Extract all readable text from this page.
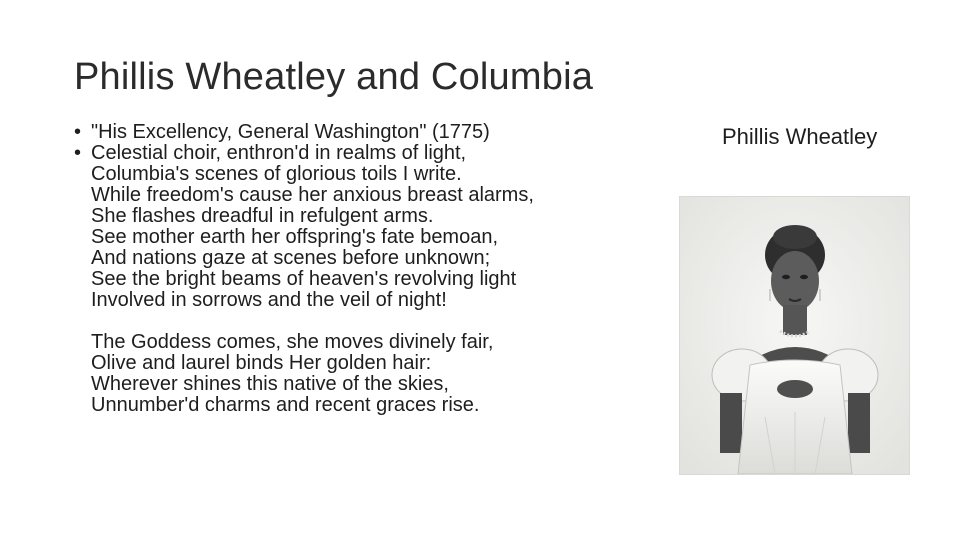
Phillis Wheatley and Columbia
• "His Excellency, General Washington" (1775)
• Celestial choir, enthron'd in realms of light,
Columbia's scenes of glorious toils I write.
While freedom's cause her anxious breast alarms,
She flashes dreadful in refulgent arms.
See mother earth her offspring's fate bemoan,
And nations gaze at scenes before unknown;
See the bright beams of heaven's revolving light
Involved in sorrows and the veil of night!
The Goddess comes, she moves divinely fair,
Olive and laurel binds Her golden hair:
Wherever shines this native of the skies,
Unnumber'd charms and recent graces rise.
Phillis Wheatley
